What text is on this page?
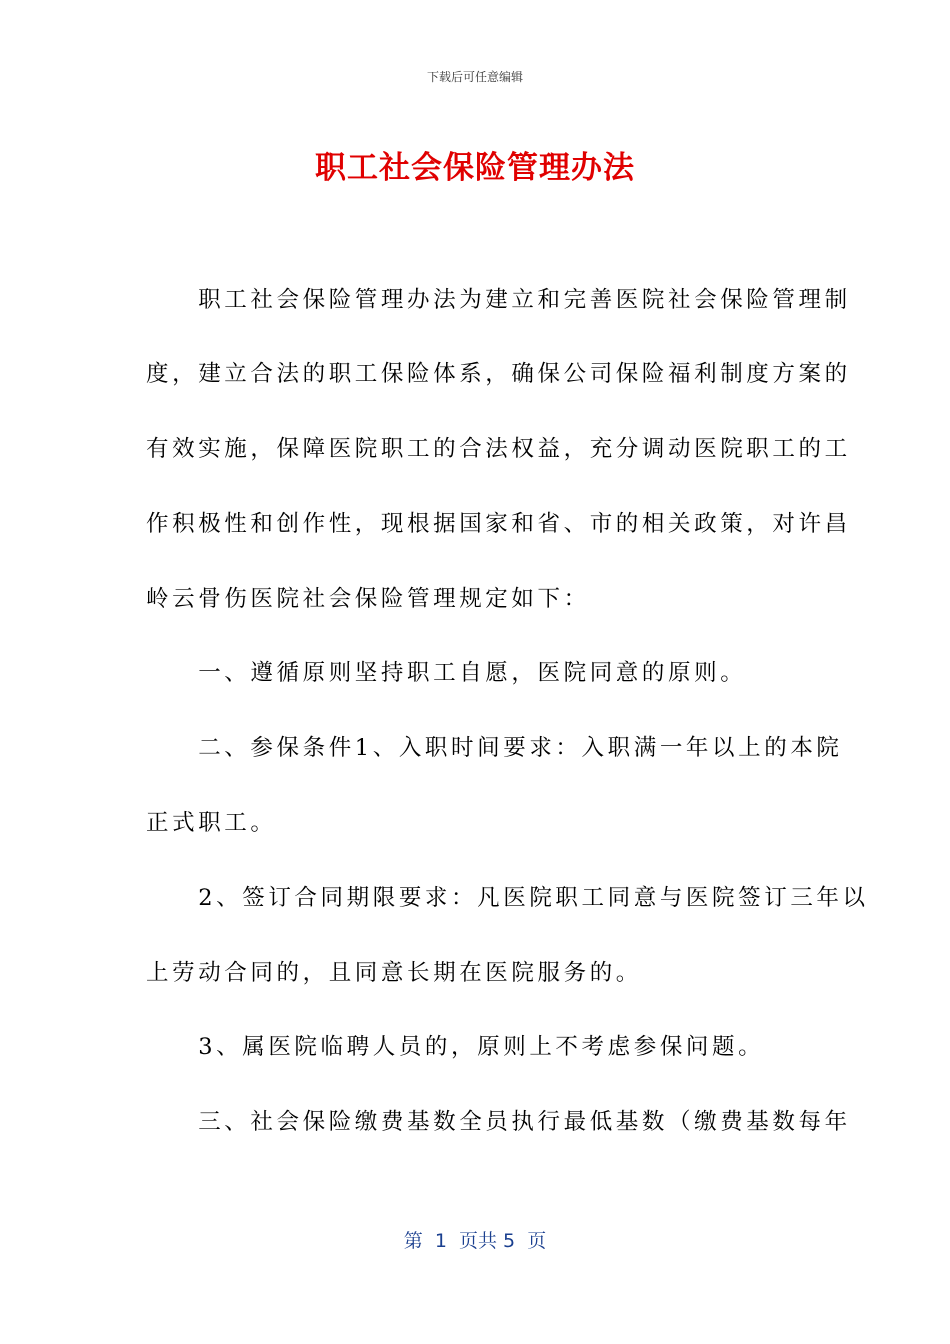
下载后可任意编辑
职工社会保险管理办法
　　职工社会保险管理办法为建立和完善医院社会保险管理制
度，建立合法的职工保险体系，确保公司保险福利制度方案的
有效实施，保障医院职工的合法权益，充分调动医院职工的工
作积极性和创作性，现根据国家和省、市的相关政策，对许昌
岭云骨伤医院社会保险管理规定如下：
　　一、遵循原则坚持职工自愿，医院同意的原则。
　　二、参保条件1、入职时间要求：入职满一年以上的本院
正式职工。
　　2、签订合同期限要求：凡医院职工同意与医院签订三年以
上劳动合同的，且同意长期在医院服务的。
　　3、属医院临聘人员的，原则上不考虑参保问题。
　　三、社会保险缴费基数全员执行最低基数（缴费基数每年
第  1  页共 5  页
